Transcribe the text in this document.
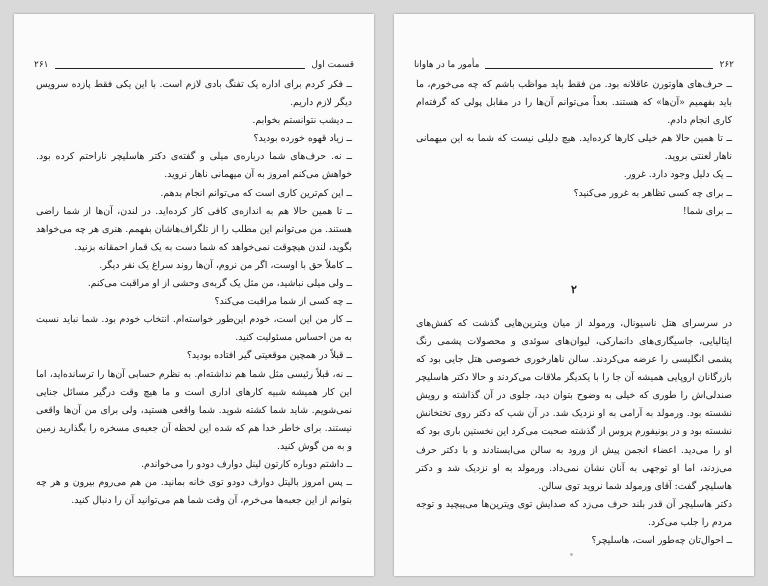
قسمت اول
۲۶۱

ــ فکر کردم برای اداره یک تفنگ بادی لازم است. با این یکی فقط پازده سرویس دیگر لازم داریم.

ــ دیشب نتوانستم بخوابم.

ــ زیاد قهوه خورده بودید؟

ــ نه. حرف‌های شما درباره‌ی میلی و گفته‌ی دکتر هاسلیچر ناراحتم کرده بود. خواهش می‌کنم امروز به آن میهمانی ناهار نروید.

ــ این کم‌ترین کاری است که می‌توانم انجام بدهم.

ــ تا همین حالا هم به اندازه‌ی کافی کار کرده‌اید. در لندن، آن‌ها از شما راضی هستند. من می‌توانم این مطلب را از تلگراف‌هاشان بفهمم. هنری هر چه می‌خواهد بگوید، لندن هیچوقت نمی‌خواهد که شما دست به یک قمار احمقانه بزنید.

ــ کاملاً حق با اوست، اگر من نروم، آن‌ها روند سراغ یک نفر دیگر.

ــ ولی میلی نباشید، من مثل یک گربه‌ی وحشی از او مراقبت می‌کنم.

ــ چه کسی از شما مراقبت می‌کند؟

ــ کار من این است، خودم این‌طور خواسته‌ام. انتخاب خودم بود. شما نباید نسبت به من احساس مسئولیت کنید.

ــ قبلاً در همچین موقعیتی گیر افتاده بودید؟

ــ نه، قبلاً رئیسی مثل شما هم نداشته‌ام. به نظرم حسابی آن‌ها را ترسانده‌اید، اما این کار همیشه شبیه کارهای اداری است و ما هیچ وقت درگیر مسائل جنایی نمی‌شویم. شاید شما کشته شوید. شما واقعی هستید، ولی برای من آن‌ها واقعی نیستند. برای خاطر خدا هم که شده این لحظه آن جعبه‌ی مسخره را بگذارید زمین و به من گوش کنید.

ــ داشتم دوباره کارتون لینل دوارف دودو را می‌خواندم.

ــ پس امروز بالیتل دوارف دودو توی خانه بمانید. من هم می‌روم بیرون و هر چه بتوانم از این جعبه‌ها می‌خرم، آن وقت شما هم می‌توانید آن را دنبال کنید.

۲۶۲
مأمور ما در هاوانا

ــ حرف‌های هاوتورن عاقلانه بود. من فقط باید مواظب باشم که چه می‌خورم، ما باید بفهمیم «آن‌ها» که هستند. بعداً می‌توانم آن‌ها را در مقابل پولی که گرفته‌ام کاری انجام دادم.

ــ تا همین حالا هم خیلی کارها کرده‌اید. هیچ دلیلی نیست که شما به این میهمانی ناهار لعنتی بروید.

ــ یک دلیل وجود دارد. غرور.

ــ برای چه کسی تظاهر به غرور می‌کنید؟

ــ برای شما!

۲

در سرسرای هتل ناسیونال، ورمولد از میان ویترین‌هایی گذشت که کفش‌های ایتالیایی، جاسیگاری‌های دانمارکی، لیوان‌های سوئدی و محصولات پشمی رنگ پشمی انگلیسی را عرضه می‌کردند. سالن ناهارخوری خصوصی هتل جایی بود که بازرگانان اروپایی همیشه آن جا را با یکدیگر ملاقات می‌کردند و حالا دکتر هاسلیچر صندلی‌اش را طوری که خیلی به وضوح بتوان دید، جلوی در آن گذاشته و رویش نشسته بود. ورمولد به آرامی به او نزدیک شد. در آن شب که دکتر روی تختخانش نشسته بود و در یونیفورم پروس از گذشته صحبت می‌کرد این نخستین باری بود که او را می‌دید. اعضاء انجمن پیش از ورود به سالن می‌ایستادند و با دکتر حرف می‌زدند، اما او توجهی به آنان نشان نمی‌داد. ورمولد به او نزدیک شد و دکتر هاسلیچر گفت: آقای ورمولد شما نروید توی سالن.

دکتر هاسلیچر آن قدر بلند حرف می‌زد که صدایش توی ویترین‌ها می‌پیچید و توجه مردم را جلب می‌کرد.

ــ احوال‌تان چه‌طور است، هاسلیچر؟
